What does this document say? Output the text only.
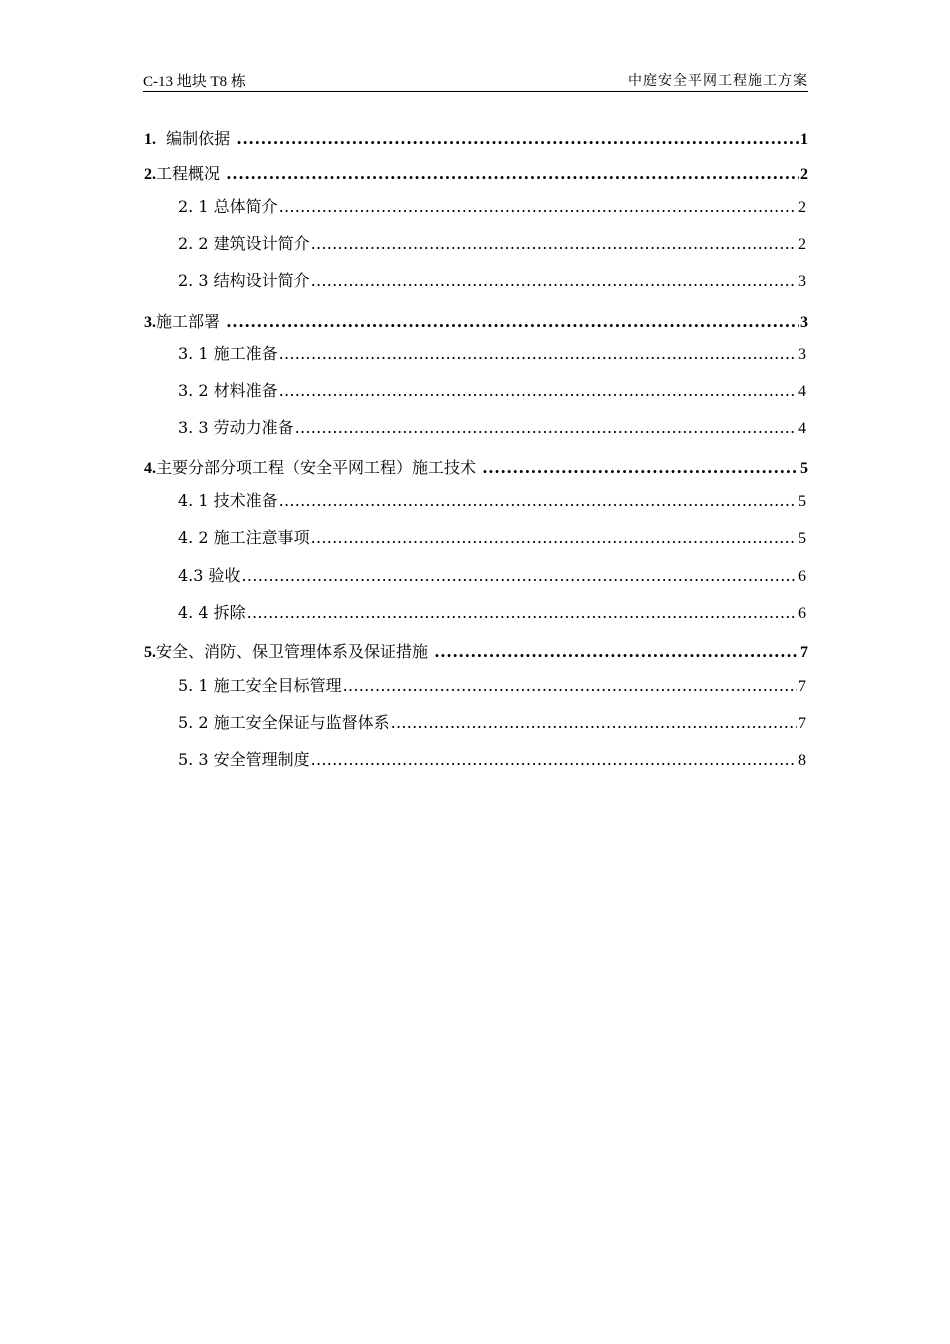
C-13 地块 T8 栋	中庭安全平网工程施工方案
1. 编制依据 .....	1
2.工程概况 .....	2
2. 1 总体简介 .....	2
2. 2 建筑设计简介 .....	2
2. 3 结构设计简介 .....	3
3.施工部署 .....	3
3. 1 施工准备 .....	3
3. 2 材料准备 .....	4
3. 3 劳动力准备 .....	4
4.主要分部分项工程（安全平网工程）施工技术 .....	5
4. 1 技术准备 .....	5
4. 2 施工注意事项 .....	5
4.3 验收 .....	6
4. 4 拆除 .....	6
5.安全、消防、保卫管理体系及保证措施 .....	7
5. 1 施工安全目标管理 .....	7
5. 2 施工安全保证与监督体系 .....	7
5. 3 安全管理制度 .....	8
